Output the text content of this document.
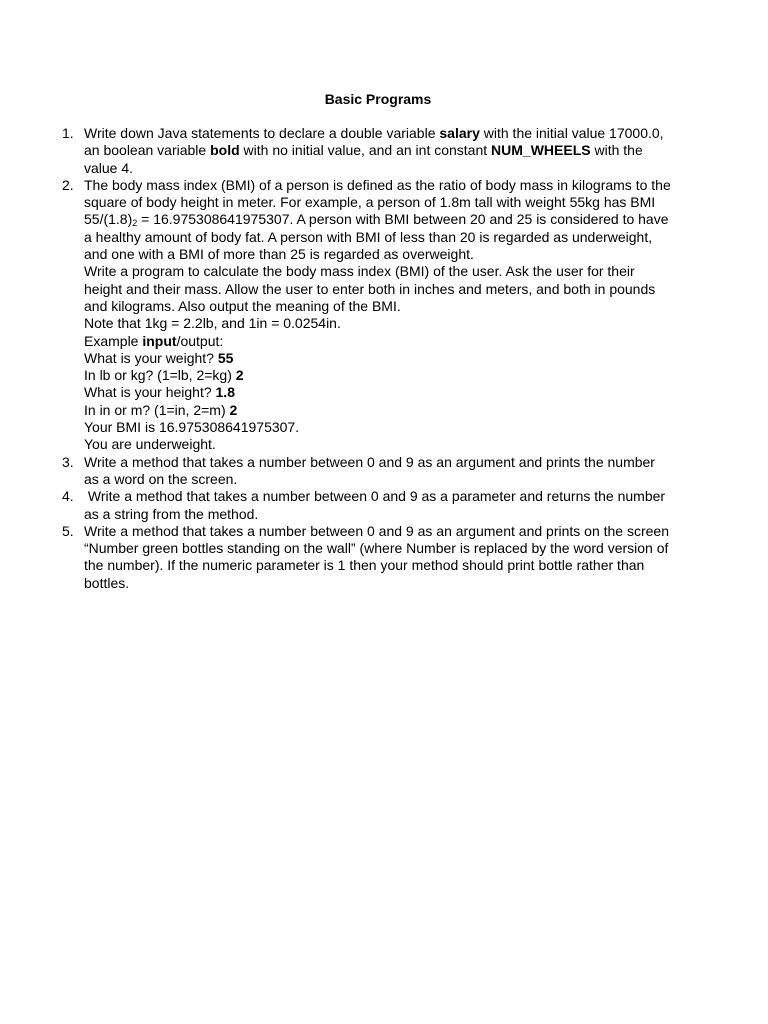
Basic Programs
1. Write down Java statements to declare a double variable salary with the initial value 17000.0,
an boolean variable bold with no initial value, and an int constant NUM_WHEELS with the
value 4.
2. The body mass index (BMI) of a person is defined as the ratio of body mass in kilograms to the
square of body height in meter. For example, a person of 1.8m tall with weight 55kg has BMI
$55/(1.8)_2 = 16.975308641975307$. A person with BMI between 20 and 25 is considered to have
a healthy amount of body fat. A person with BMI of less than 20 is regarded as underweight,
and one with a BMI of more than 25 is regarded as overweight.
Write a program to calculate the body mass index (BMI) of the user. Ask the user for their
height and their mass. Allow the user to enter both in inches and meters, and both in pounds
and kilograms. Also output the meaning of the BMI.
Note that 1kg = 2.2lb, and 1in = 0.0254in.
Example input/output:
What is your weight? 55
In lb or kg? (1=lb, 2=kg) 2
What is your height? 1.8
In in or m? (1=in, 2=m) 2
Your BMI is 16.975308641975307.
You are underweight.
3. Write a method that takes a number between 0 and 9 as an argument and prints the number
as a word on the screen.
4. Write a method that takes a number between 0 and 9 as a parameter and returns the number
as a string from the method.
5. Write a method that takes a number between 0 and 9 as an argument and prints on the screen
“Number green bottles standing on the wall” (where Number is replaced by the word version of
the number). If the numeric parameter is 1 then your method should print bottle rather than
bottles.
